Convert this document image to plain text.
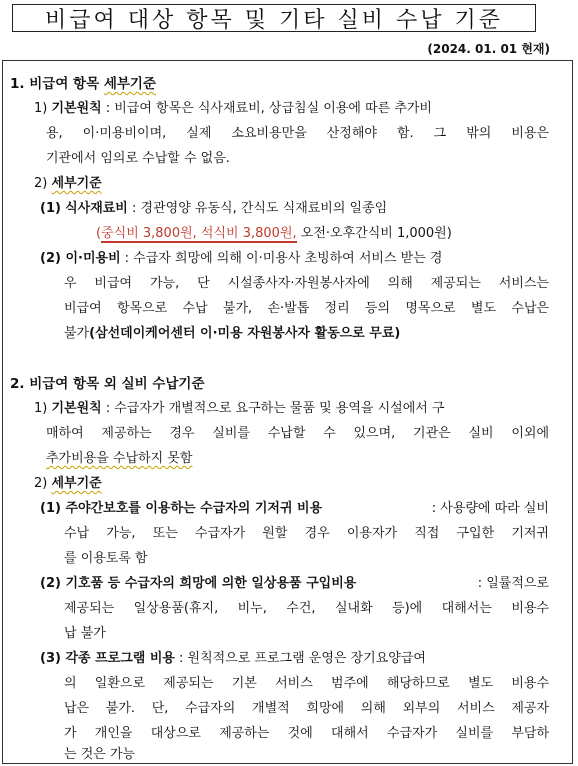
비급여 대상 항목 및 기타 실비 수납 기준
(2024. 01. 01 현재)
1. 비급여 항목 세부기준
1) 기본원칙 : 비급여 항목은 식사재료비, 상급침실 이용에 따른 추가비
용, 이·미용비이며, 실제 소요비용만을 산정해야 함. 그 밖의 비용은
기관에서 임의로 수납할 수 없음.
2) 세부기준
(1) 식사재료비 : 경관영양 유동식, 간식도 식재료비의 일종임
(중식비 3,800원, 석식비 3,800원, 오전·오후간식비 1,000원)
(2) 이·미용비 : 수급자 희망에 의해 이·미용사 초빙하여 서비스 받는 경
우 비급여 가능, 단 시설종사자·자원봉사자에 의해 제공되는 서비스는
비급여 항목으로 수납 불가, 손·발톱 정리 등의 명목으로 별도 수납은
불가(삼선데이케어센터 이·미용 자원봉사자 활동으로 무료)
2. 비급여 항목 외 실비 수납기준
1) 기본원칙 : 수급자가 개별적으로 요구하는 물품 및 용역을 시설에서 구
매하여 제공하는 경우 실비를 수납할 수 있으며, 기관은 실비 이외에
추가비용을 수납하지 못함
2) 세부기준
(1) 주야간보호를 이용하는 수급자의 기저귀 비용	: 사용량에 따라 실비
수납 가능, 또는 수급자가 원할 경우 이용자가 직접 구입한 기저귀
를 이용토록 함
(2) 기호품 등 수급자의 희망에 의한 일상용품 구입비용	: 일률적으로
제공되는 일상용품(휴지, 비누, 수건, 실내화 등)에 대해서는 비용수
납 불가
(3) 각종 프로그램 비용 : 원칙적으로 프로그램 운영은 장기요양급여
의 일환으로 제공되는 기본 서비스 범주에 해당하므로 별도 비용수
납은 불가. 단, 수급자의 개별적 희망에 의해 외부의 서비스 제공자
가 개인을 대상으로 제공하는 것에 대해서 수급자가 실비를 부담하
는 것은 가능
